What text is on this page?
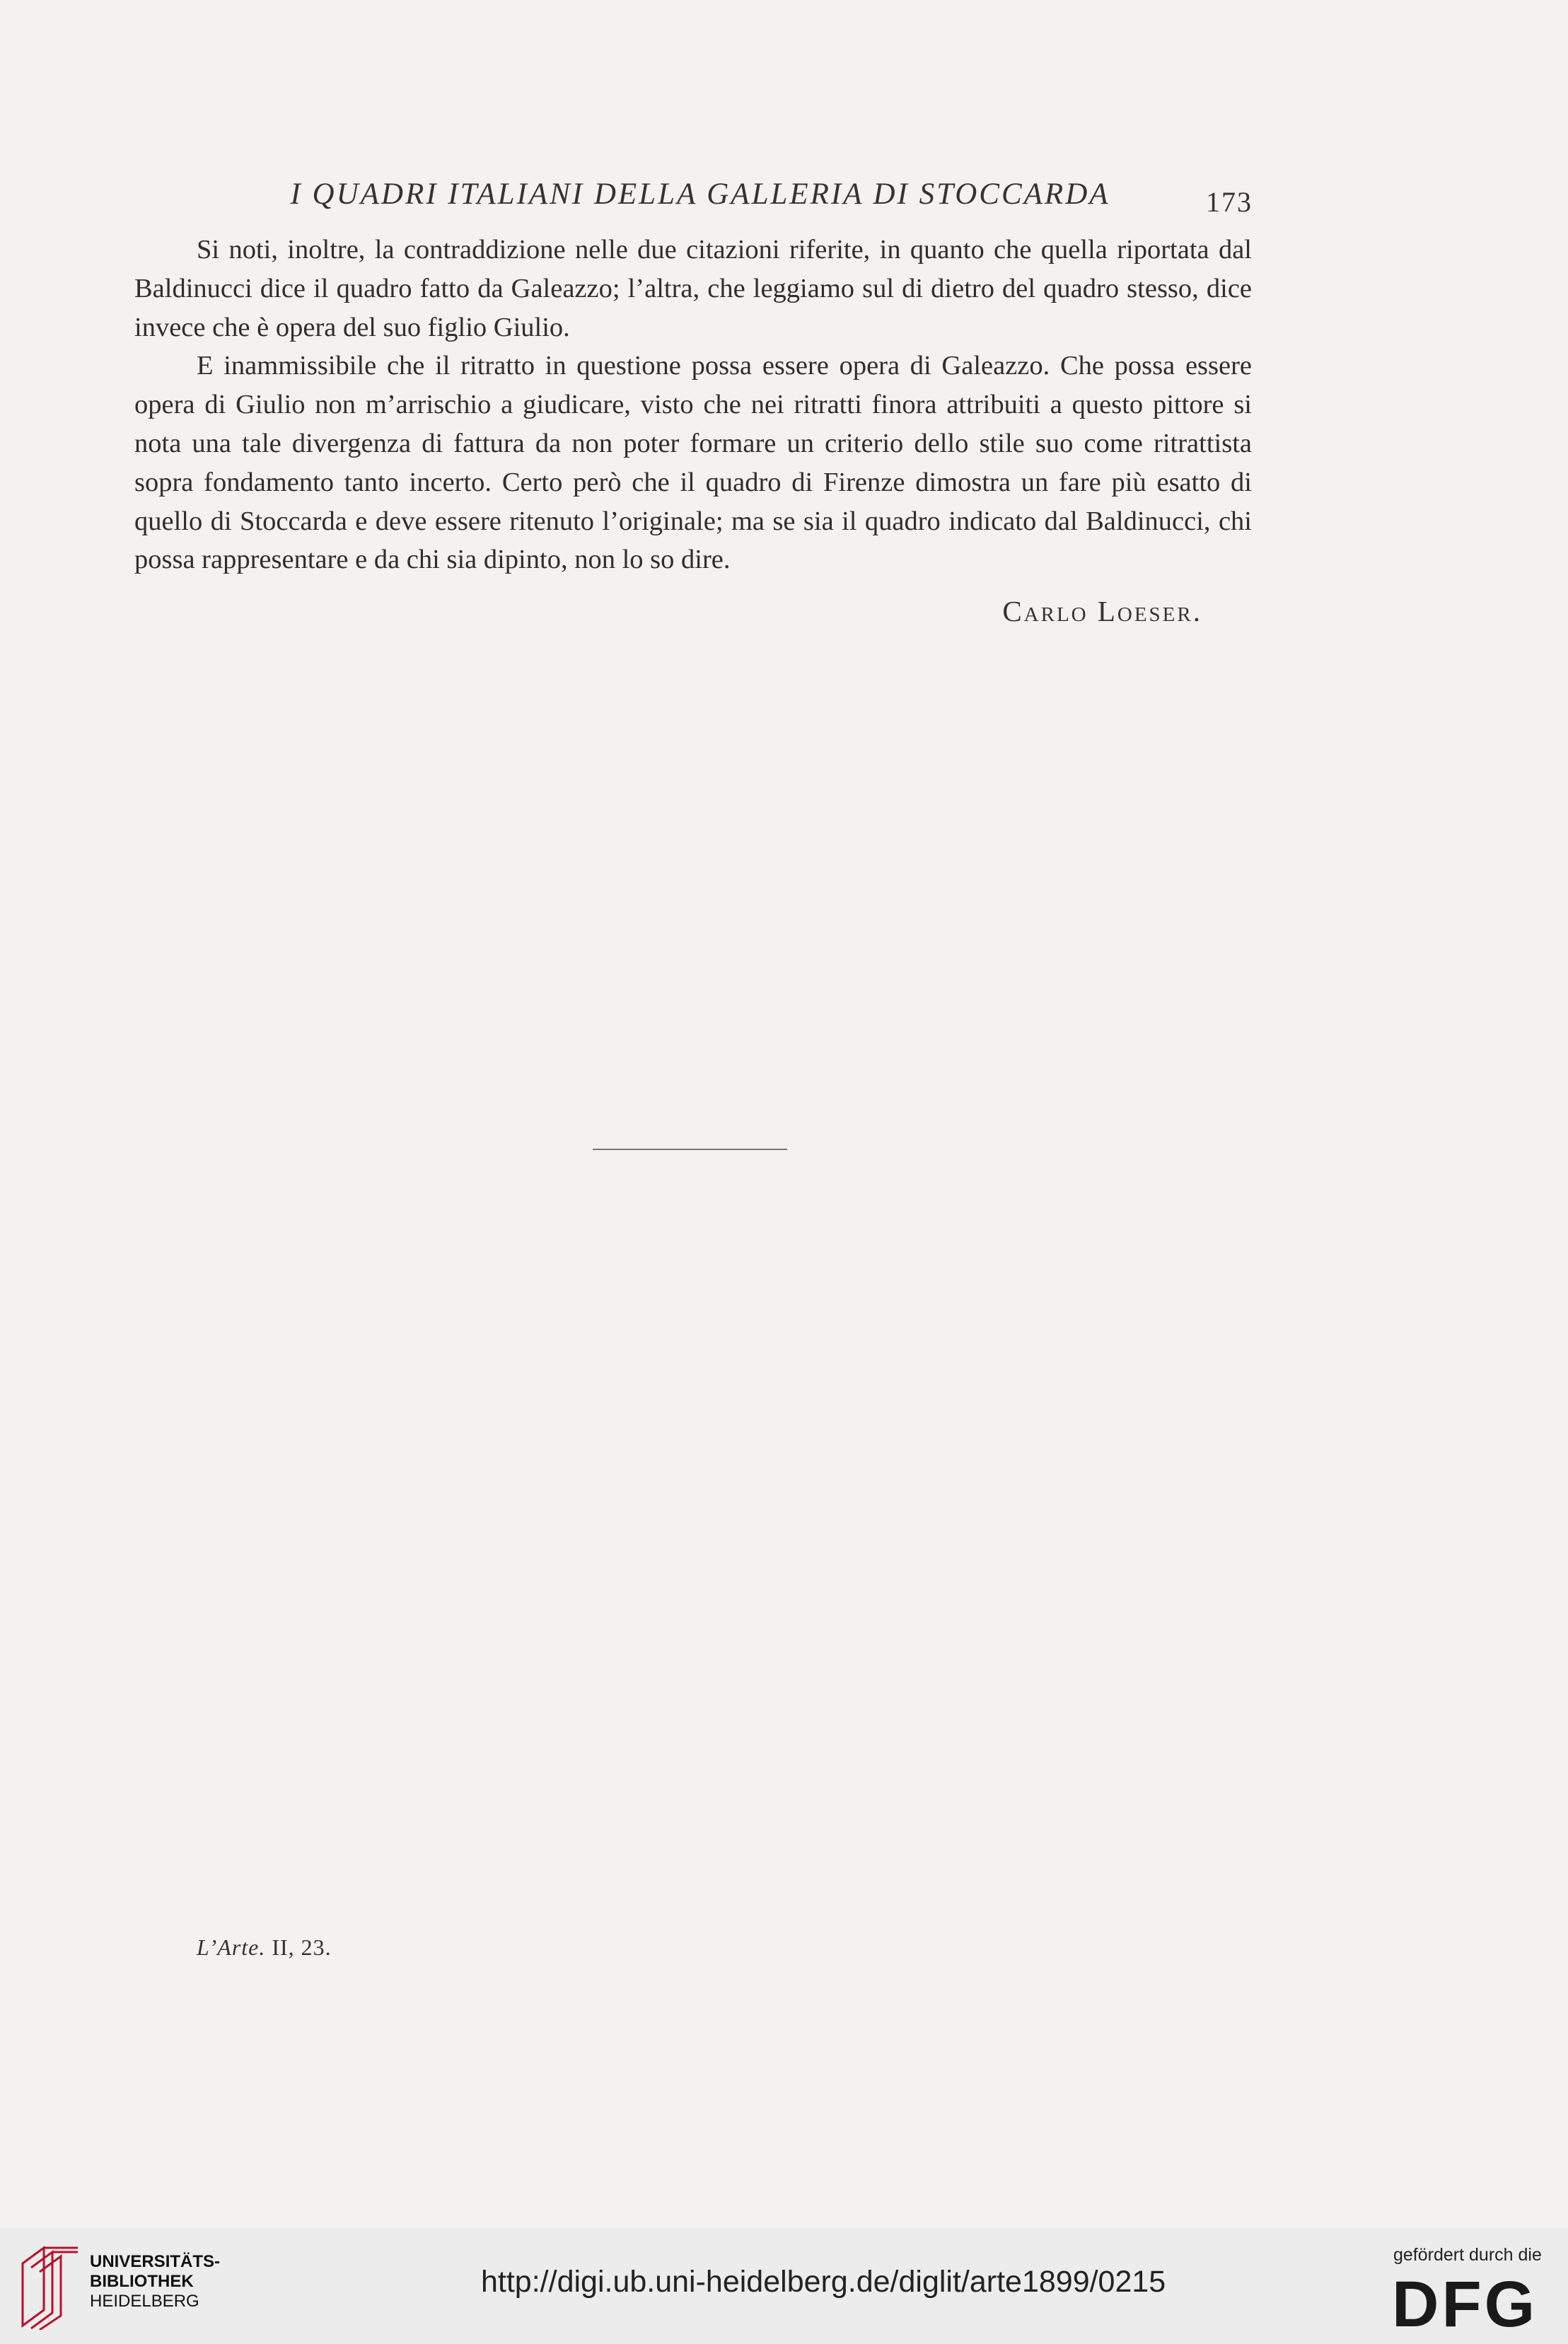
I QUADRI ITALIANI DELLA GALLERIA DI STOCCARDA	173

Si noti, inoltre, la contraddizione nelle due citazioni riferite, in quanto che quella riportata dal Baldinucci dice il quadro fatto da Galeazzo; l’altra, che leggiamo sul di dietro del quadro stesso, dice invece che è opera del suo figlio Giulio.

E inammissibile che il ritratto in questione possa essere opera di Galeazzo. Che possa essere opera di Giulio non m’arrischio a giudicare, visto che nei ritratti finora attribuiti a questo pittore si nota una tale divergenza di fattura da non poter formare un criterio dello stile suo come ritrattista sopra fondamento tanto incerto. Certo però che il quadro di Firenze dimostra un fare più esatto di quello di Stoccarda e deve essere ritenuto l’originale; ma se sia il quadro indicato dal Baldinucci, chi possa rappresentare e da chi sia dipinto, non lo so dire.

Carlo Loeser.
L’Arte. II, 23.
UNIVERSITÄTS-
BIBLIOTHEK
HEIDELBERG
http://digi.ub.uni-heidelberg.de/diglit/arte1899/0215
gefördert durch die
DFG
